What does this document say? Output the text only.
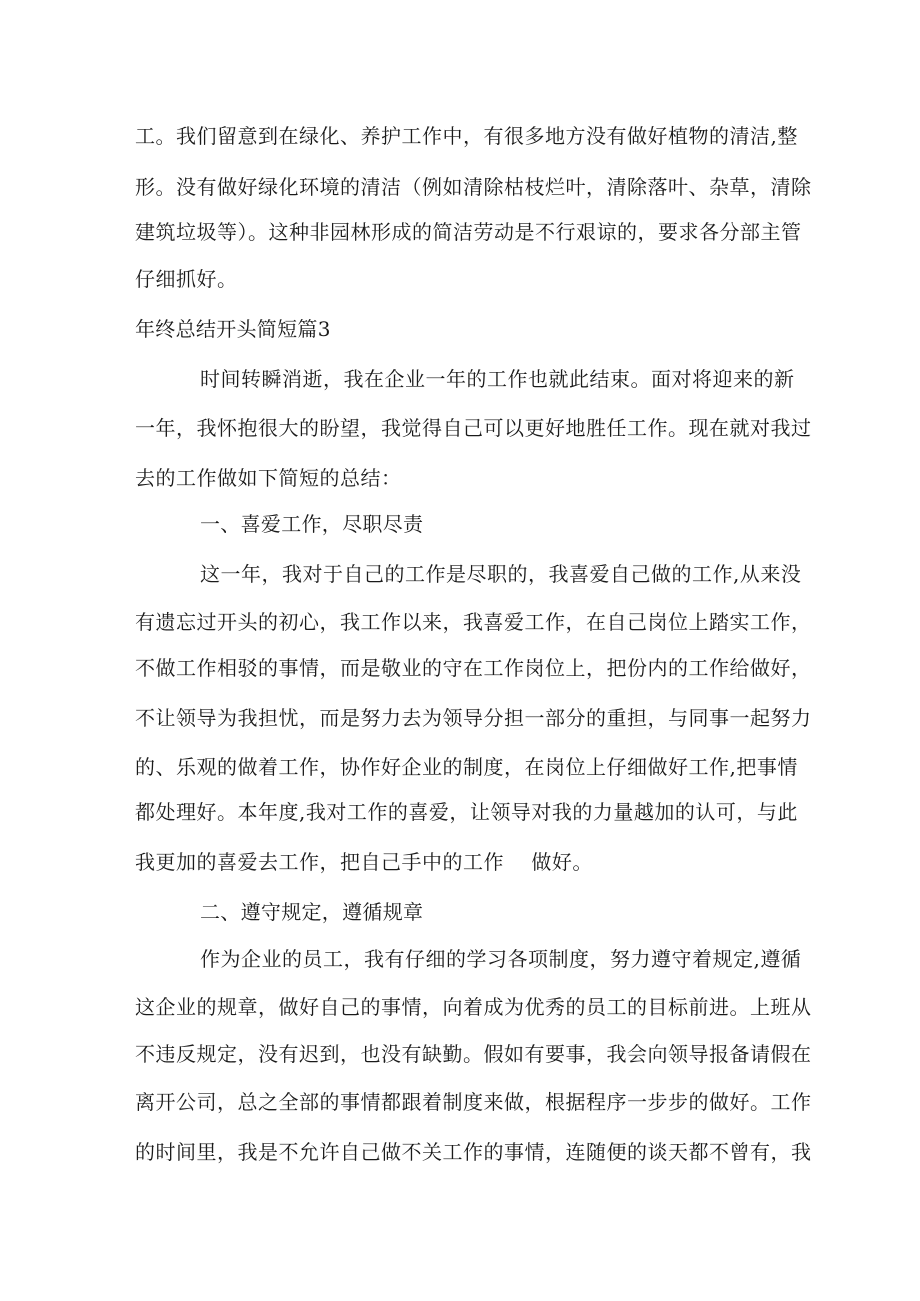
工。我们留意到在绿化、养护工作中，有很多地方没有做好植物的清洁,整
形。没有做好绿化环境的清洁（例如清除枯枝烂叶，清除落叶、杂草，清除
建筑垃圾等）。这种非园林形成的简洁劳动是不行艰谅的，要求各分部主管
仔细抓好。
年终总结开头简短篇3
时间转瞬消逝，我在企业一年的工作也就此结束。面对将迎来的新
一年，我怀抱很大的盼望，我觉得自己可以更好地胜任工作。现在就对我过
去的工作做如下简短的总结：
一、喜爱工作，尽职尽责
这一年，我对于自己的工作是尽职的，我喜爱自己做的工作,从来没
有遗忘过开头的初心，我工作以来，我喜爱工作，在自己岗位上踏实工作，
不做工作相驳的事情，而是敬业的守在工作岗位上，把份内的工作给做好，
不让领导为我担忧，而是努力去为领导分担一部分的重担，与同事一起努力
的、乐观的做着工作，协作好企业的制度，在岗位上仔细做好工作,把事情
都处理好。本年度,我对工作的喜爱，让领导对我的力量越加的认可，与此
我更加的喜爱去工作，把自己手中的工作　 做好。
二、遵守规定，遵循规章
作为企业的员工，我有仔细的学习各项制度，努力遵守着规定,遵循
这企业的规章，做好自己的事情，向着成为优秀的员工的目标前进。上班从
不违反规定，没有迟到，也没有缺勤。假如有要事，我会向领导报备请假在
离开公司，总之全部的事情都跟着制度来做，根据程序一步步的做好。工作
的时间里，我是不允许自己做不关工作的事情，连随便的谈天都不曾有，我
